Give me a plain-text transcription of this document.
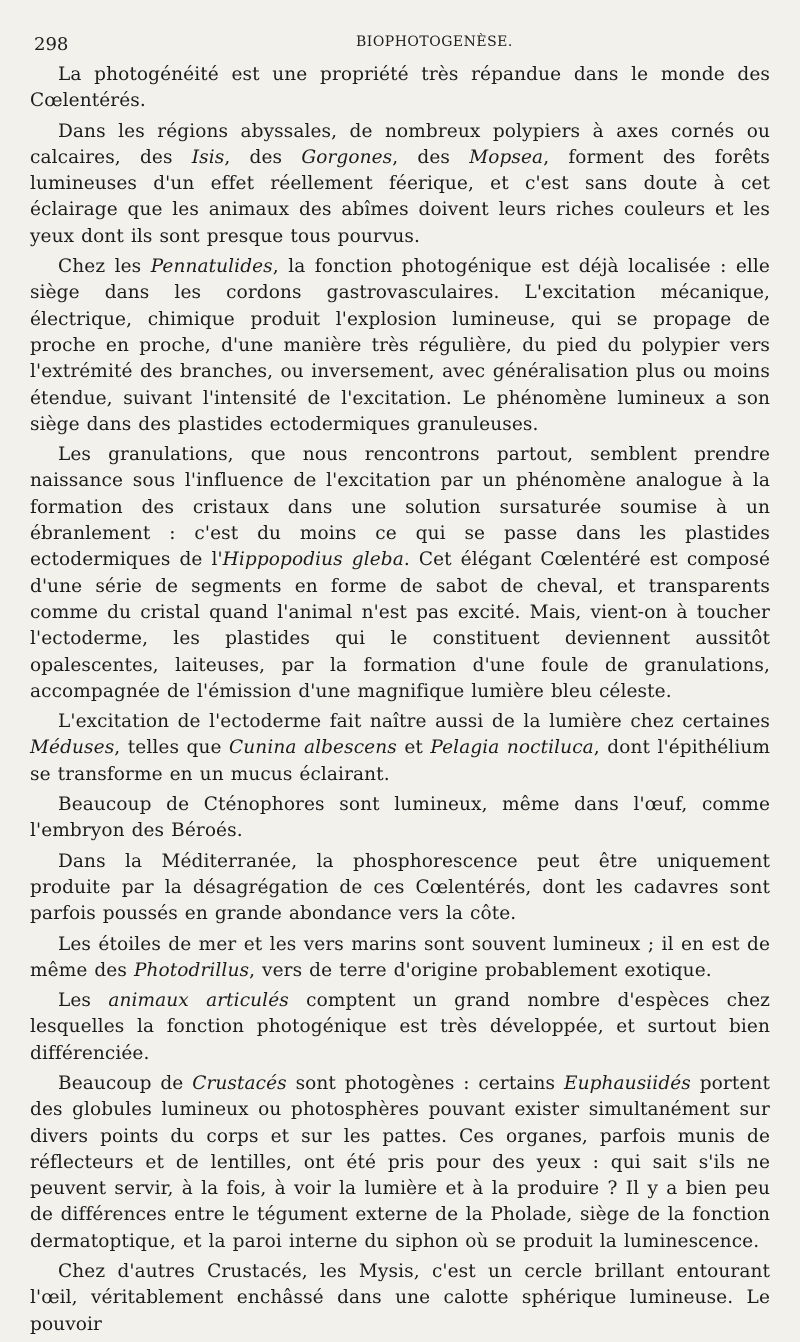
298	BIOPHOTOGENÈSE.

La photogénéité est une propriété très répandue dans le monde des Cœlentérés.

Dans les régions abyssales, de nombreux polypiers à axes cornés ou calcaires, des Isis, des Gorgones, des Mopsea, forment des forêts lumineuses d'un effet réellement féerique, et c'est sans doute à cet éclairage que les animaux des abîmes doivent leurs riches couleurs et les yeux dont ils sont presque tous pourvus.

Chez les Pennatulides, la fonction photogénique est déjà localisée : elle siège dans les cordons gastrovasculaires. L'excitation mécanique, électrique, chimique produit l'explosion lumineuse, qui se propage de proche en proche, d'une manière très régulière, du pied du polypier vers l'extrémité des branches, ou inversement, avec généralisation plus ou moins étendue, suivant l'intensité de l'excitation. Le phénomène lumineux a son siège dans des plastides ectodermiques granuleuses.

Les granulations, que nous rencontrons partout, semblent prendre naissance sous l'influence de l'excitation par un phénomène analogue à la formation des cristaux dans une solution sursaturée soumise à un ébranlement : c'est du moins ce qui se passe dans les plastides ectodermiques de l'Hippopodius gleba. Cet élégant Cœlentéré est composé d'une série de segments en forme de sabot de cheval, et transparents comme du cristal quand l'animal n'est pas excité. Mais, vient-on à toucher l'ectoderme, les plastides qui le constituent deviennent aussitôt opalescentes, laiteuses, par la formation d'une foule de granulations, accompagnée de l'émission d'une magnifique lumière bleu céleste.

L'excitation de l'ectoderme fait naître aussi de la lumière chez certaines Méduses, telles que Cunina albescens et Pelagia noctiluca, dont l'épithélium se transforme en un mucus éclairant.

Beaucoup de Cténophores sont lumineux, même dans l'œuf, comme l'embryon des Béroés.

Dans la Méditerranée, la phosphorescence peut être uniquement produite par la désagrégation de ces Cœlentérés, dont les cadavres sont parfois poussés en grande abondance vers la côte.

Les étoiles de mer et les vers marins sont souvent lumineux ; il en est de même des Photodrillus, vers de terre d'origine probablement exotique.

Les animaux articulés comptent un grand nombre d'espèces chez lesquelles la fonction photogénique est très développée, et surtout bien différenciée.

Beaucoup de Crustacés sont photogènes : certains Euphausiidés portent des globules lumineux ou photosphères pouvant exister simultanément sur divers points du corps et sur les pattes. Ces organes, parfois munis de réflecteurs et de lentilles, ont été pris pour des yeux : qui sait s'ils ne peuvent servir, à la fois, à voir la lumière et à la produire ? Il y a bien peu de différences entre le tégument externe de la Pholade, siège de la fonction dermatoptique, et la paroi interne du siphon où se produit la luminescence.

Chez d'autres Crustacés, les Mysis, c'est un cercle brillant entourant l'œil, véritablement enchâssé dans une calotte sphérique lumineuse. Le pouvoir
